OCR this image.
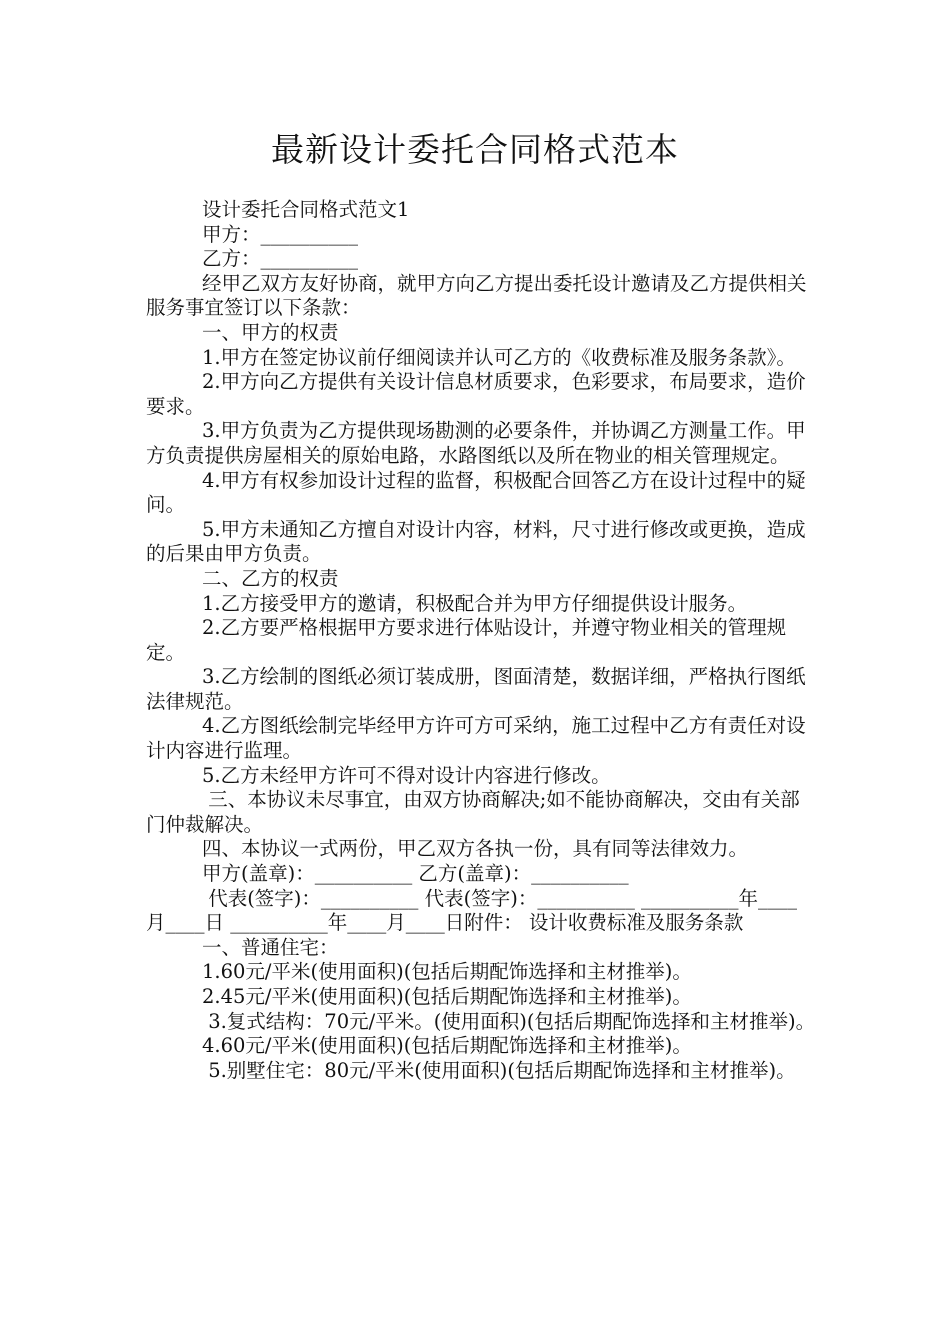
最新设计委托合同格式范本

设计委托合同格式范文1

甲方：__________

乙方：__________

经甲乙双方友好协商，就甲方向乙方提出委托设计邀请及乙方提供相关服务事宜签订以下条款：

一、甲方的权责

1.甲方在签定协议前仔细阅读并认可乙方的《收费标准及服务条款》。

2.甲方向乙方提供有关设计信息材质要求，色彩要求，布局要求，造价要求。

3.甲方负责为乙方提供现场勘测的必要条件，并协调乙方测量工作。甲方负责提供房屋相关的原始电路，水路图纸以及所在物业的相关管理规定。

4.甲方有权参加设计过程的监督，积极配合回答乙方在设计过程中的疑问。

5.甲方未通知乙方擅自对设计内容，材料，尺寸进行修改或更换，造成的后果由甲方负责。

二、乙方的权责

1.乙方接受甲方的邀请，积极配合并为甲方仔细提供设计服务。

2.乙方要严格根据甲方要求进行体贴设计，并遵守物业相关的管理规定。

3.乙方绘制的图纸必须订装成册，图面清楚，数据详细，严格执行图纸法律规范。

4.乙方图纸绘制完毕经甲方许可方可采纳，施工过程中乙方有责任对设计内容进行监理。

5.乙方未经甲方许可不得对设计内容进行修改。

三、本协议未尽事宜，由双方协商解决;如不能协商解决，交由有关部门仲裁解决。

四、本协议一式两份，甲乙双方各执一份，具有同等法律效力。

甲方(盖章)：__________ 乙方(盖章)：__________

代表(签字)：__________ 代表(签字)：__________ __________年____月____日 __________年____月____日附件： 设计收费标准及服务条款

一、普通住宅：

1.60元/平米(使用面积)(包括后期配饰选择和主材推举)。

2.45元/平米(使用面积)(包括后期配饰选择和主材推举)。

3.复式结构：70元/平米。(使用面积)(包括后期配饰选择和主材推举)。

4.60元/平米(使用面积)(包括后期配饰选择和主材推举)。

5.别墅住宅：80元/平米(使用面积)(包括后期配饰选择和主材推举)。
